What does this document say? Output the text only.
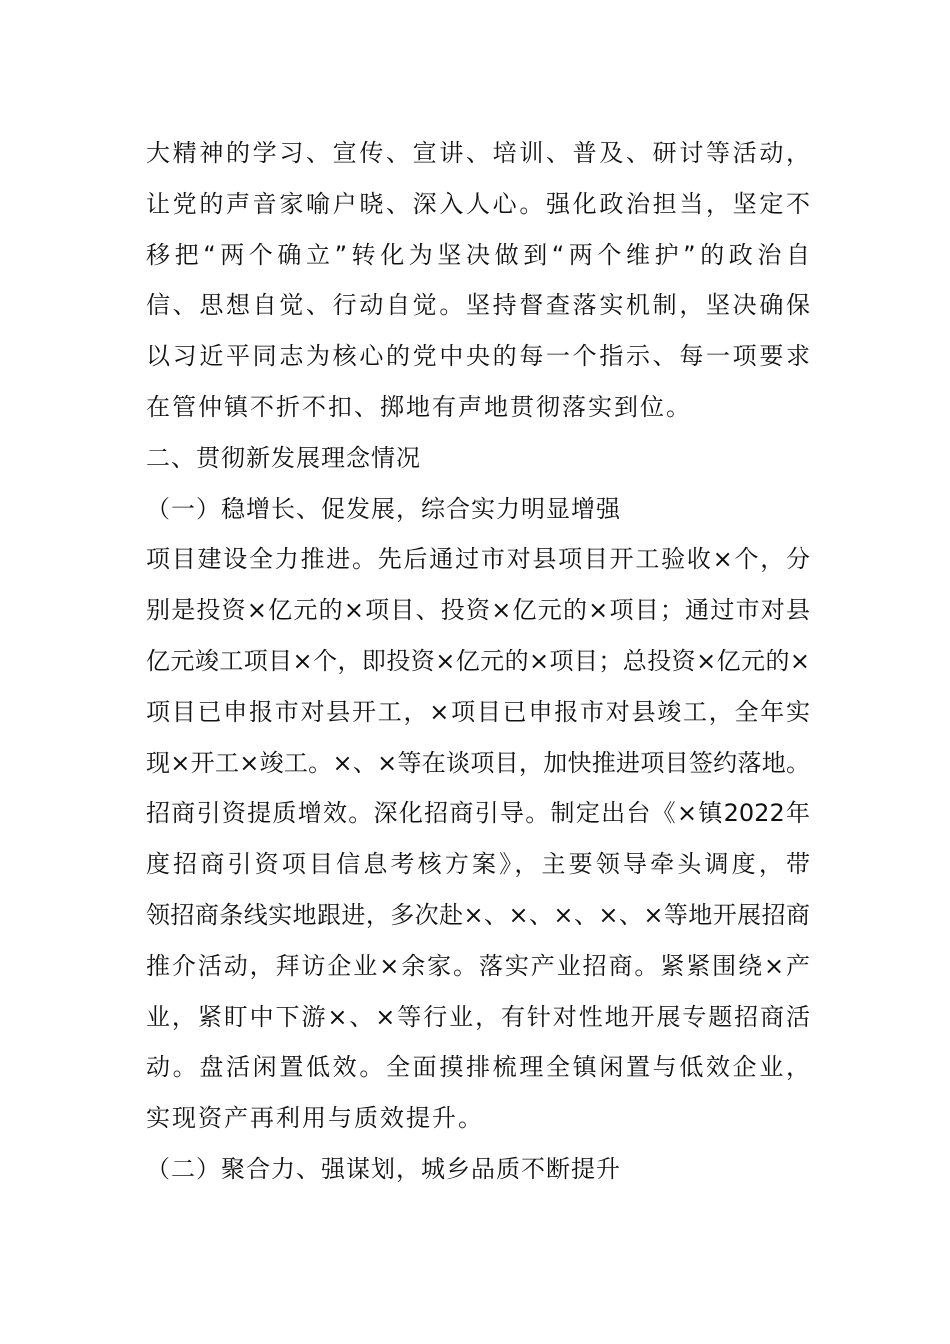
大精神的学习、宣传、宣讲、培训、普及、研讨等活动，
让党的声音家喻户晓、深入人心。强化政治担当，坚定不
移把“两个确立”转化为坚决做到“两个维护”的政治自
信、思想自觉、行动自觉。坚持督查落实机制，坚决确保
以习近平同志为核心的党中央的每一个指示、每一项要求
在管仲镇不折不扣、掷地有声地贯彻落实到位。
二、贯彻新发展理念情况
（一）稳增长、促发展，综合实力明显增强
项目建设全力推进。先后通过市对县项目开工验收×个，分
别是投资×亿元的×项目、投资×亿元的×项目；通过市对县
亿元竣工项目×个，即投资×亿元的×项目；总投资×亿元的×
项目已申报市对县开工，×项目已申报市对县竣工，全年实
现×开工×竣工。×、×等在谈项目，加快推进项目签约落地。
招商引资提质增效。深化招商引导。制定出台《×镇2022年
度招商引资项目信息考核方案》，主要领导牵头调度，带
领招商条线实地跟进，多次赴×、×、×、×、×等地开展招商
推介活动，拜访企业×余家。落实产业招商。紧紧围绕×产
业，紧盯中下游×、×等行业，有针对性地开展专题招商活
动。盘活闲置低效。全面摸排梳理全镇闲置与低效企业，
实现资产再利用与质效提升。
（二）聚合力、强谋划，城乡品质不断提升
